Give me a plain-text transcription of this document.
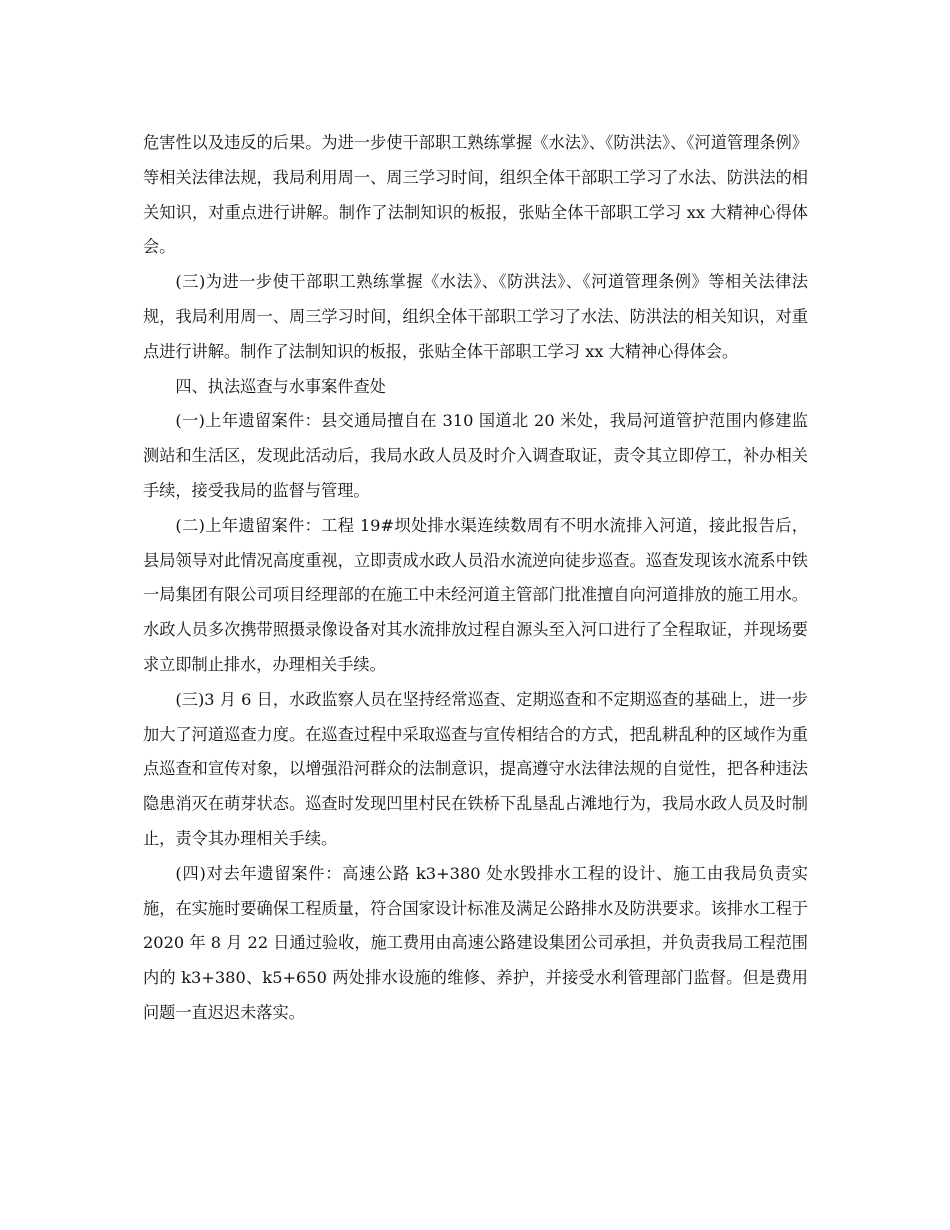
危害性以及违反的后果。为进一步使干部职工熟练掌握《水法》、《防洪法》、《河道管理条例》等相关法律法规，我局利用周一、周三学习时间，组织全体干部职工学习了水法、防洪法的相关知识，对重点进行讲解。制作了法制知识的板报，张贴全体干部职工学习 xx 大精神心得体会。

(三)为进一步使干部职工熟练掌握《水法》、《防洪法》、《河道管理条例》等相关法律法规，我局利用周一、周三学习时间，组织全体干部职工学习了水法、防洪法的相关知识，对重点进行讲解。制作了法制知识的板报，张贴全体干部职工学习 xx 大精神心得体会。

四、执法巡查与水事案件查处

(一)上年遗留案件：县交通局擅自在 310 国道北 20 米处，我局河道管护范围内修建监测站和生活区，发现此活动后，我局水政人员及时介入调查取证，责令其立即停工，补办相关手续，接受我局的监督与管理。

(二)上年遗留案件：工程 19#坝处排水渠连续数周有不明水流排入河道，接此报告后，县局领导对此情况高度重视，立即责成水政人员沿水流逆向徒步巡查。巡查发现该水流系中铁一局集团有限公司项目经理部的在施工中未经河道主管部门批准擅自向河道排放的施工用水。水政人员多次携带照摄录像设备对其水流排放过程自源头至入河口进行了全程取证，并现场要求立即制止排水，办理相关手续。

(三)3 月 6 日，水政监察人员在坚持经常巡查、定期巡查和不定期巡查的基础上，进一步加大了河道巡查力度。在巡查过程中采取巡查与宣传相结合的方式，把乱耕乱种的区域作为重点巡查和宣传对象，以增强沿河群众的法制意识，提高遵守水法律法规的自觉性，把各种违法隐患消灭在萌芽状态。巡查时发现凹里村民在铁桥下乱垦乱占滩地行为，我局水政人员及时制止，责令其办理相关手续。

(四)对去年遗留案件：高速公路 k3+380 处水毁排水工程的设计、施工由我局负责实施，在实施时要确保工程质量，符合国家设计标准及满足公路排水及防洪要求。该排水工程于 2020 年 8 月 22 日通过验收，施工费用由高速公路建设集团公司承担，并负责我局工程范围内的 k3+380、k5+650 两处排水设施的维修、养护，并接受水利管理部门监督。但是费用问题一直迟迟未落实。
